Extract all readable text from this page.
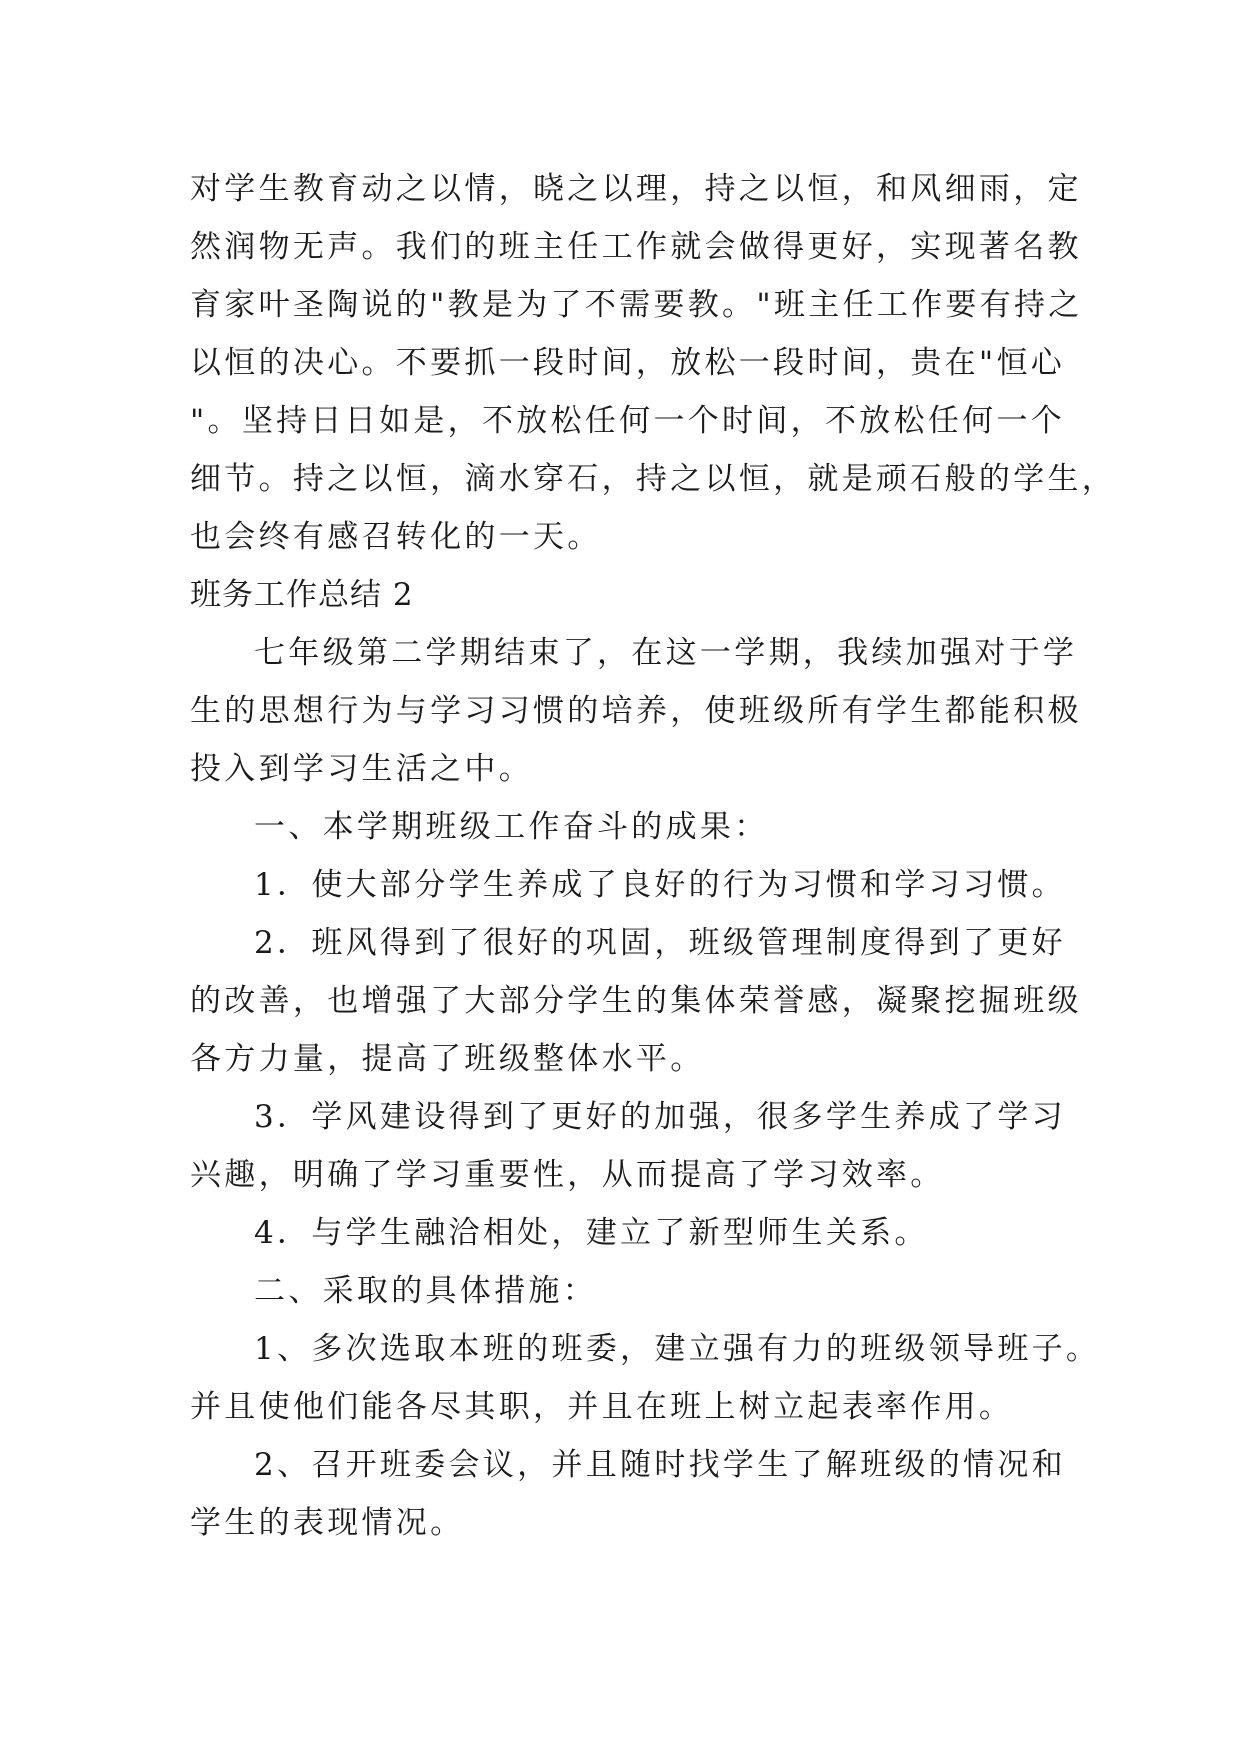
对学生教育动之以情，晓之以理，持之以恒，和风细雨，定

然润物无声。我们的班主任工作就会做得更好，实现著名教

育家叶圣陶说的"教是为了不需要教。"班主任工作要有持之

以恒的决心。不要抓一段时间，放松一段时间，贵在"恒心

"。坚持日日如是，不放松任何一个时间，不放松任何一个

细节。持之以恒，滴水穿石，持之以恒，就是顽石般的学生，

也会终有感召转化的一天。

班务工作总结 2

七年级第二学期结束了，在这一学期，我续加强对于学

生的思想行为与学习习惯的培养，使班级所有学生都能积极

投入到学习生活之中。

一、本学期班级工作奋斗的成果：

1．使大部分学生养成了良好的行为习惯和学习习惯。

2．班风得到了很好的巩固，班级管理制度得到了更好

的改善，也增强了大部分学生的集体荣誉感，凝聚挖掘班级

各方力量，提高了班级整体水平。

3．学风建设得到了更好的加强，很多学生养成了学习

兴趣，明确了学习重要性，从而提高了学习效率。

4．与学生融洽相处，建立了新型师生关系。

二、采取的具体措施：

1、多次选取本班的班委，建立强有力的班级领导班子。

并且使他们能各尽其职，并且在班上树立起表率作用。

2、召开班委会议，并且随时找学生了解班级的情况和

学生的表现情况。
